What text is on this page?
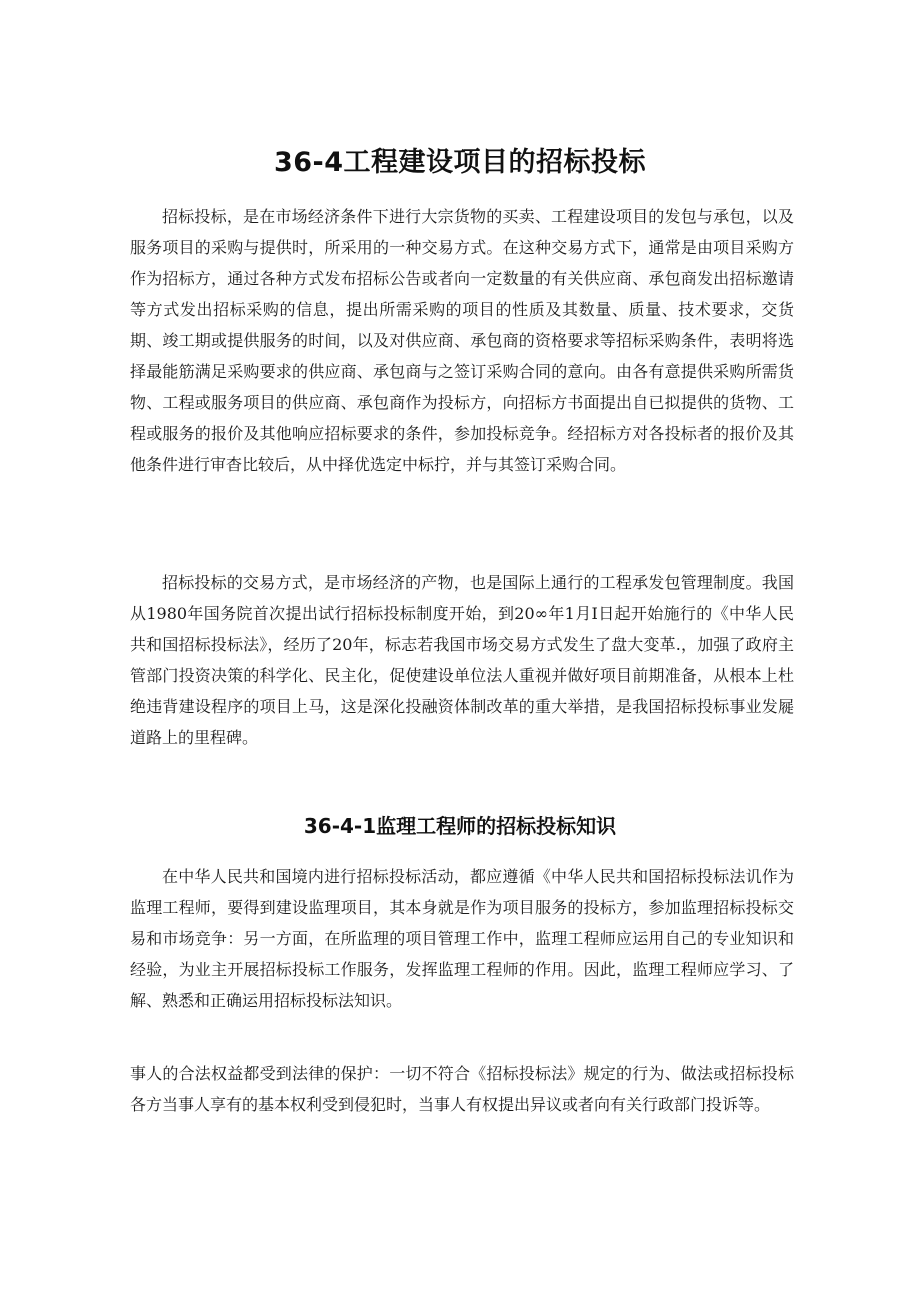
36-4工程建设项目的招标投标

招标投标，是在市场经济条件下进行大宗货物的买卖、工程建设项目的发包与承包，以及服务项目的采购与提供时，所采用的一种交易方式。在这种交易方式下，通常是由项目采购方作为招标方，通过各种方式发布招标公告或者向一定数量的有关供应商、承包商发出招标邀请等方式发出招标采购的信息，提出所需采购的项目的性质及其数量、质量、技术要求，交货期、竣工期或提供服务的时间，以及对供应商、承包商的资格要求等招标采购条件，表明将选择最能筋满足采购要求的供应商、承包商与之签订采购合同的意向。由各有意提供采购所需货物、工程或服务项目的供应商、承包商作为投标方，向招标方书面提出自已拟提供的货物、工程或服务的报价及其他响应招标要求的条件，参加投标竞争。经招标方对各投标者的报价及其他条件进行审杳比较后，从中择优选定中标拧，并与其签订采购合同。

招标投标的交易方式，是市场经济的产物，也是国际上通行的工程承发包管理制度。我国从1980年国务院首次提出试行招标投标制度开始，到20∞年1月I日起开始施行的《中华人民共和国招标投标法》，经历了20年，标志若我国市场交易方式发生了盘大变革.，加强了政府主管部门投资决策的科学化、民主化，促使建设单位法人重视并做好项目前期准备，从根本上杜绝违背建设程序的项目上马，这是深化投融资体制改革的重大举措，是我国招标投标事业发屣道路上的里程碑。

36-4-1监理工程师的招标投标知识

在中华人民共和国境内进行招标投标活动，都应遵循《中华人民共和国招标投标法讥作为监理工程师，要得到建设监理项目，其本身就是作为项目服务的投标方，参加监理招标投标交易和市场竞争：另一方面，在所监理的项目管理工作中，监理工程师应运用自己的专业知识和经验，为业主开展招标投标工作服务，发挥监理工程师的作用。因此，监理工程师应学习、了解、熟悉和正确运用招标投标法知识。

事人的合法权益都受到法律的保护：一切不符合《招标投标法》规定的行为、做法或招标投标各方当事人享有的基本权利受到侵犯时，当事人有权提出异议或者向有关行政部门投诉等。
